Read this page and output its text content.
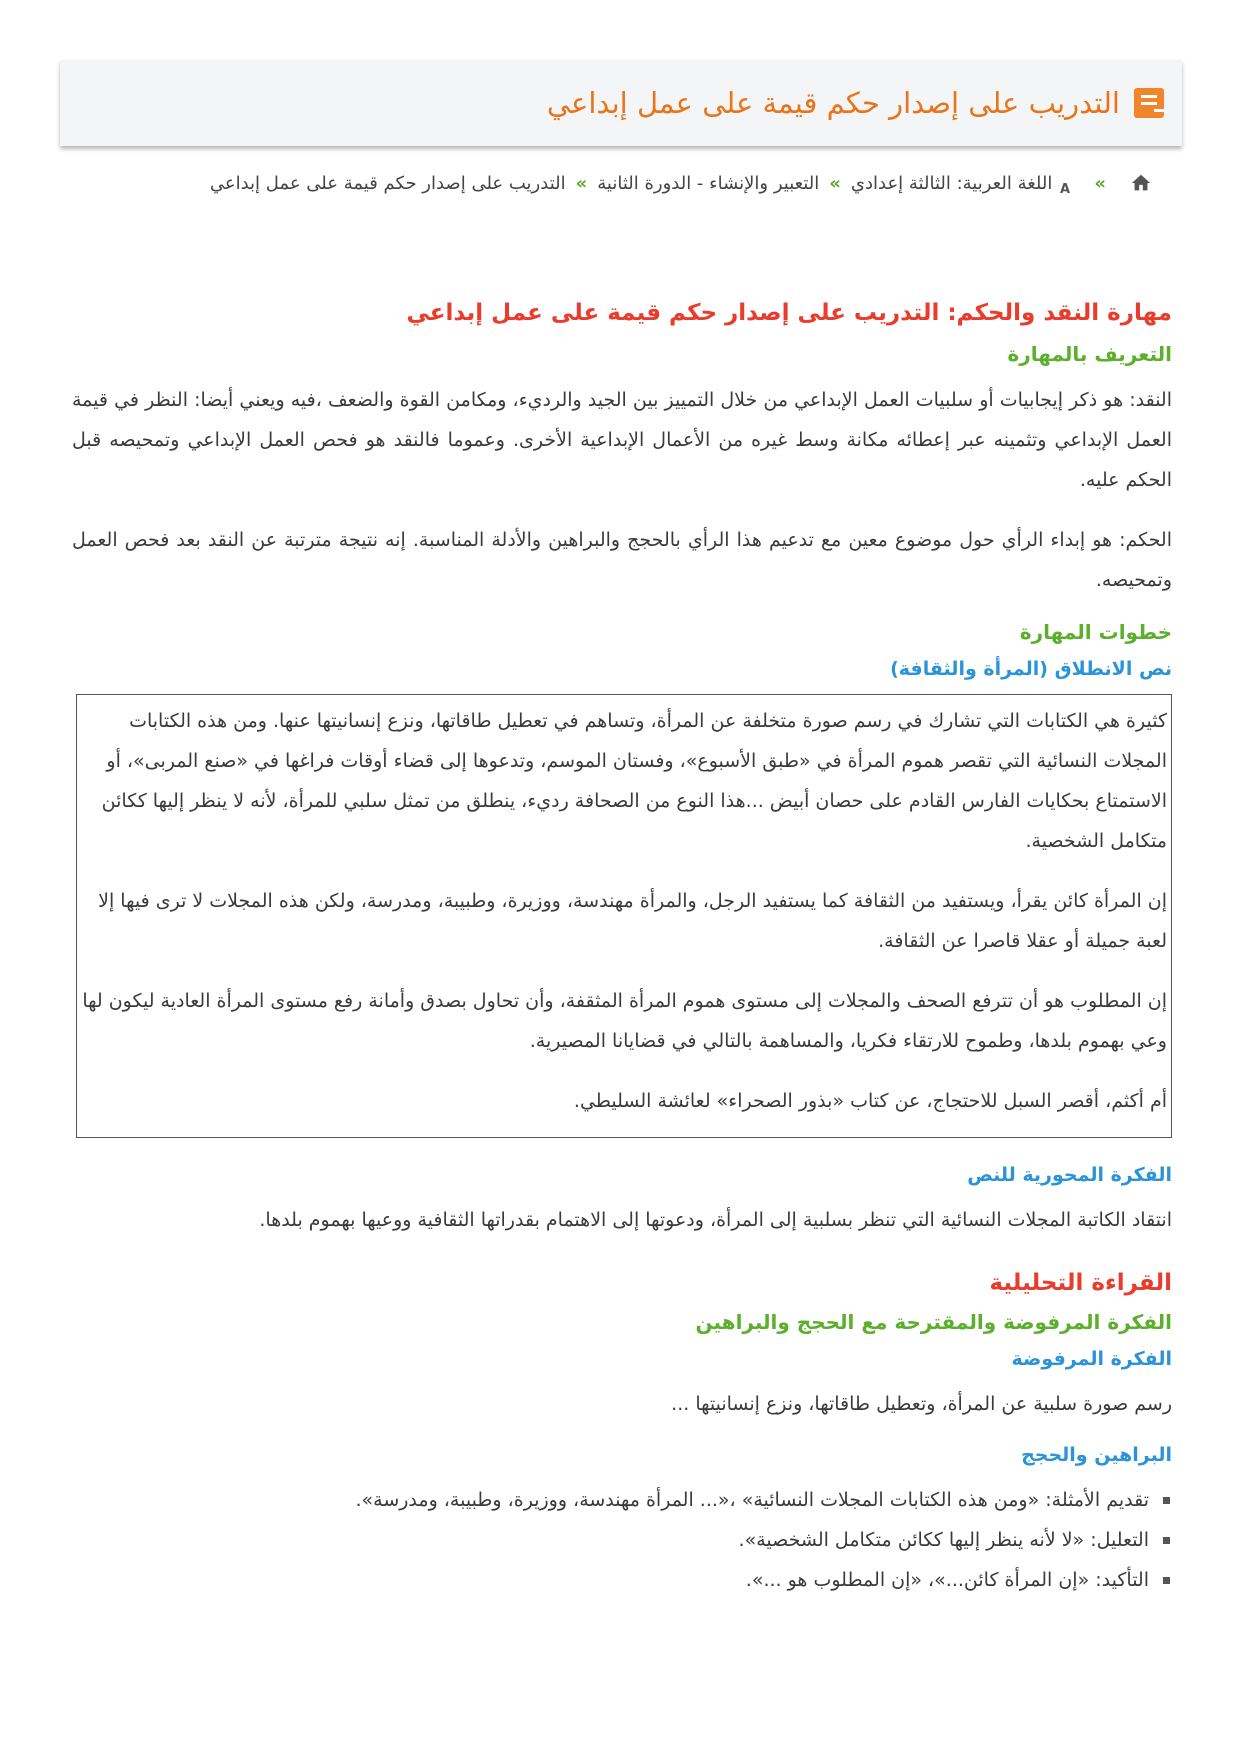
التدريب على إصدار حكم قيمة على عمل إبداعي
»
A
اللغة العربية: الثالثة إعدادي
»
التعبير والإنشاء - الدورة الثانية
»
التدريب على إصدار حكم قيمة على عمل إبداعي
مهارة النقد والحكم: التدريب على إصدار حكم قيمة على عمل إبداعي
التعريف بالمهارة

النقد: هو ذكر إيجابيات أو سلبيات العمل الإبداعي من خلال التمييز بين الجيد والرديء، ومكامن القوة والضعف ،فيه ويعني أيضا: النظر في قيمة العمل الإبداعي وتثمينه عبر إعطائه مكانة وسط غيره من الأعمال الإبداعية الأخرى. وعموما فالنقد هو فحص العمل الإبداعي وتمحيصه قبل الحكم عليه.

الحكم: هو إبداء الرأي حول موضوع معين مع تدعيم هذا الرأي بالحجج والبراهين والأدلة المناسبة. إنه نتيجة مترتبة عن النقد بعد فحص العمل وتمحيصه.

خطوات المهارة
نص الانطلاق (المرأة والثقافة)

كثيرة هي الكتابات التي تشارك في رسم صورة متخلفة عن المرأة، وتساهم في تعطيل طاقاتها، ونزع إنسانيتها عنها. ومن هذه الكتابات المجلات النسائية التي تقصر هموم المرأة في «طبق الأسبوع»، وفستان الموسم، وتدعوها إلى قضاء أوقات فراغها في «صنع المربى»، أو الاستمتاع بحكايات الفارس القادم على حصان أبيض ...هذا النوع من الصحافة رديء، ينطلق من تمثل سلبي للمرأة، لأنه لا ينظر إليها ككائن متكامل الشخصية.

إن المرأة كائن يقرأ، ويستفيد من الثقافة كما يستفيد الرجل، والمرأة مهندسة، ووزيرة، وطبيبة، ومدرسة، ولكن هذه المجلات لا ترى فيها إلا لعبة جميلة أو عقلا قاصرا عن الثقافة.

إن المطلوب هو أن تترفع الصحف والمجلات إلى مستوى هموم المرأة المثقفة، وأن تحاول بصدق وأمانة رفع مستوى المرأة العادية ليكون لها وعي بهموم بلدها، وطموح للارتقاء فكريا، والمساهمة بالتالي في قضايانا المصيرية.

أم أكثم، أقصر السبل للاحتجاج، عن كتاب «بذور الصحراء» لعائشة السليطي.

الفكرة المحورية للنص

انتقاد الكاتبة المجلات النسائية التي تنظر بسلبية إلى المرأة، ودعوتها إلى الاهتمام بقدراتها الثقافية ووعيها بهموم بلدها.

القراءة التحليلية
الفكرة المرفوضة والمقترحة مع الحجج والبراهين
الفكرة المرفوضة

رسم صورة سلبية عن المرأة، وتعطيل طاقاتها، ونزع إنسانيتها ...

البراهين والحجج
تقديم الأمثلة: «ومن هذه الكتابات المجلات النسائية» ،«... المرأة مهندسة، ووزيرة، وطبيبة، ومدرسة».
التعليل: «لا لأنه ينظر إليها ككائن متكامل الشخصية».
التأكيد: «إن المرأة كائن...»، «إن المطلوب هو ...».
